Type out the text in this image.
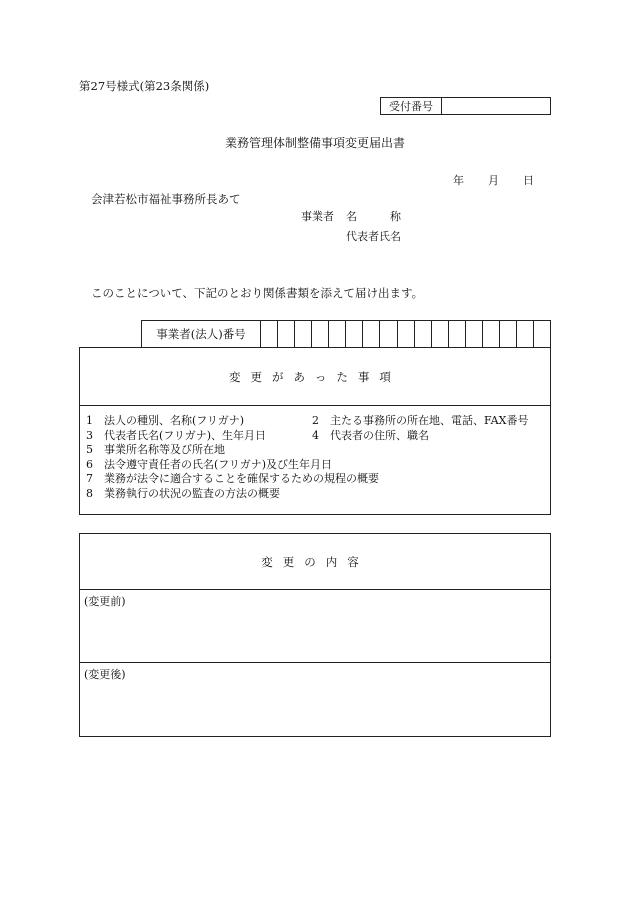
第27号様式(第23条関係)
受付番号
業務管理体制整備事項変更届出書
年 月 日
会津若松市福祉事務所長あて
事業者 名　　　称
代表者氏名
このことについて、下記のとおり関係書類を添えて届け出ます。
事業者(法人)番号
変更があった事項
1　法人の種別、名称(フリガナ)	2　主たる事務所の所在地、電話、FAX番号
3　代表者氏名(フリガナ)、生年月日	4　代表者の住所、職名
5　事業所名称等及び所在地
6　法令遵守責任者の氏名(フリガナ)及び生年月日
7　業務が法令に適合することを確保するための規程の概要
8　業務執行の状況の監査の方法の概要
変更の内容
(変更前)
(変更後)
